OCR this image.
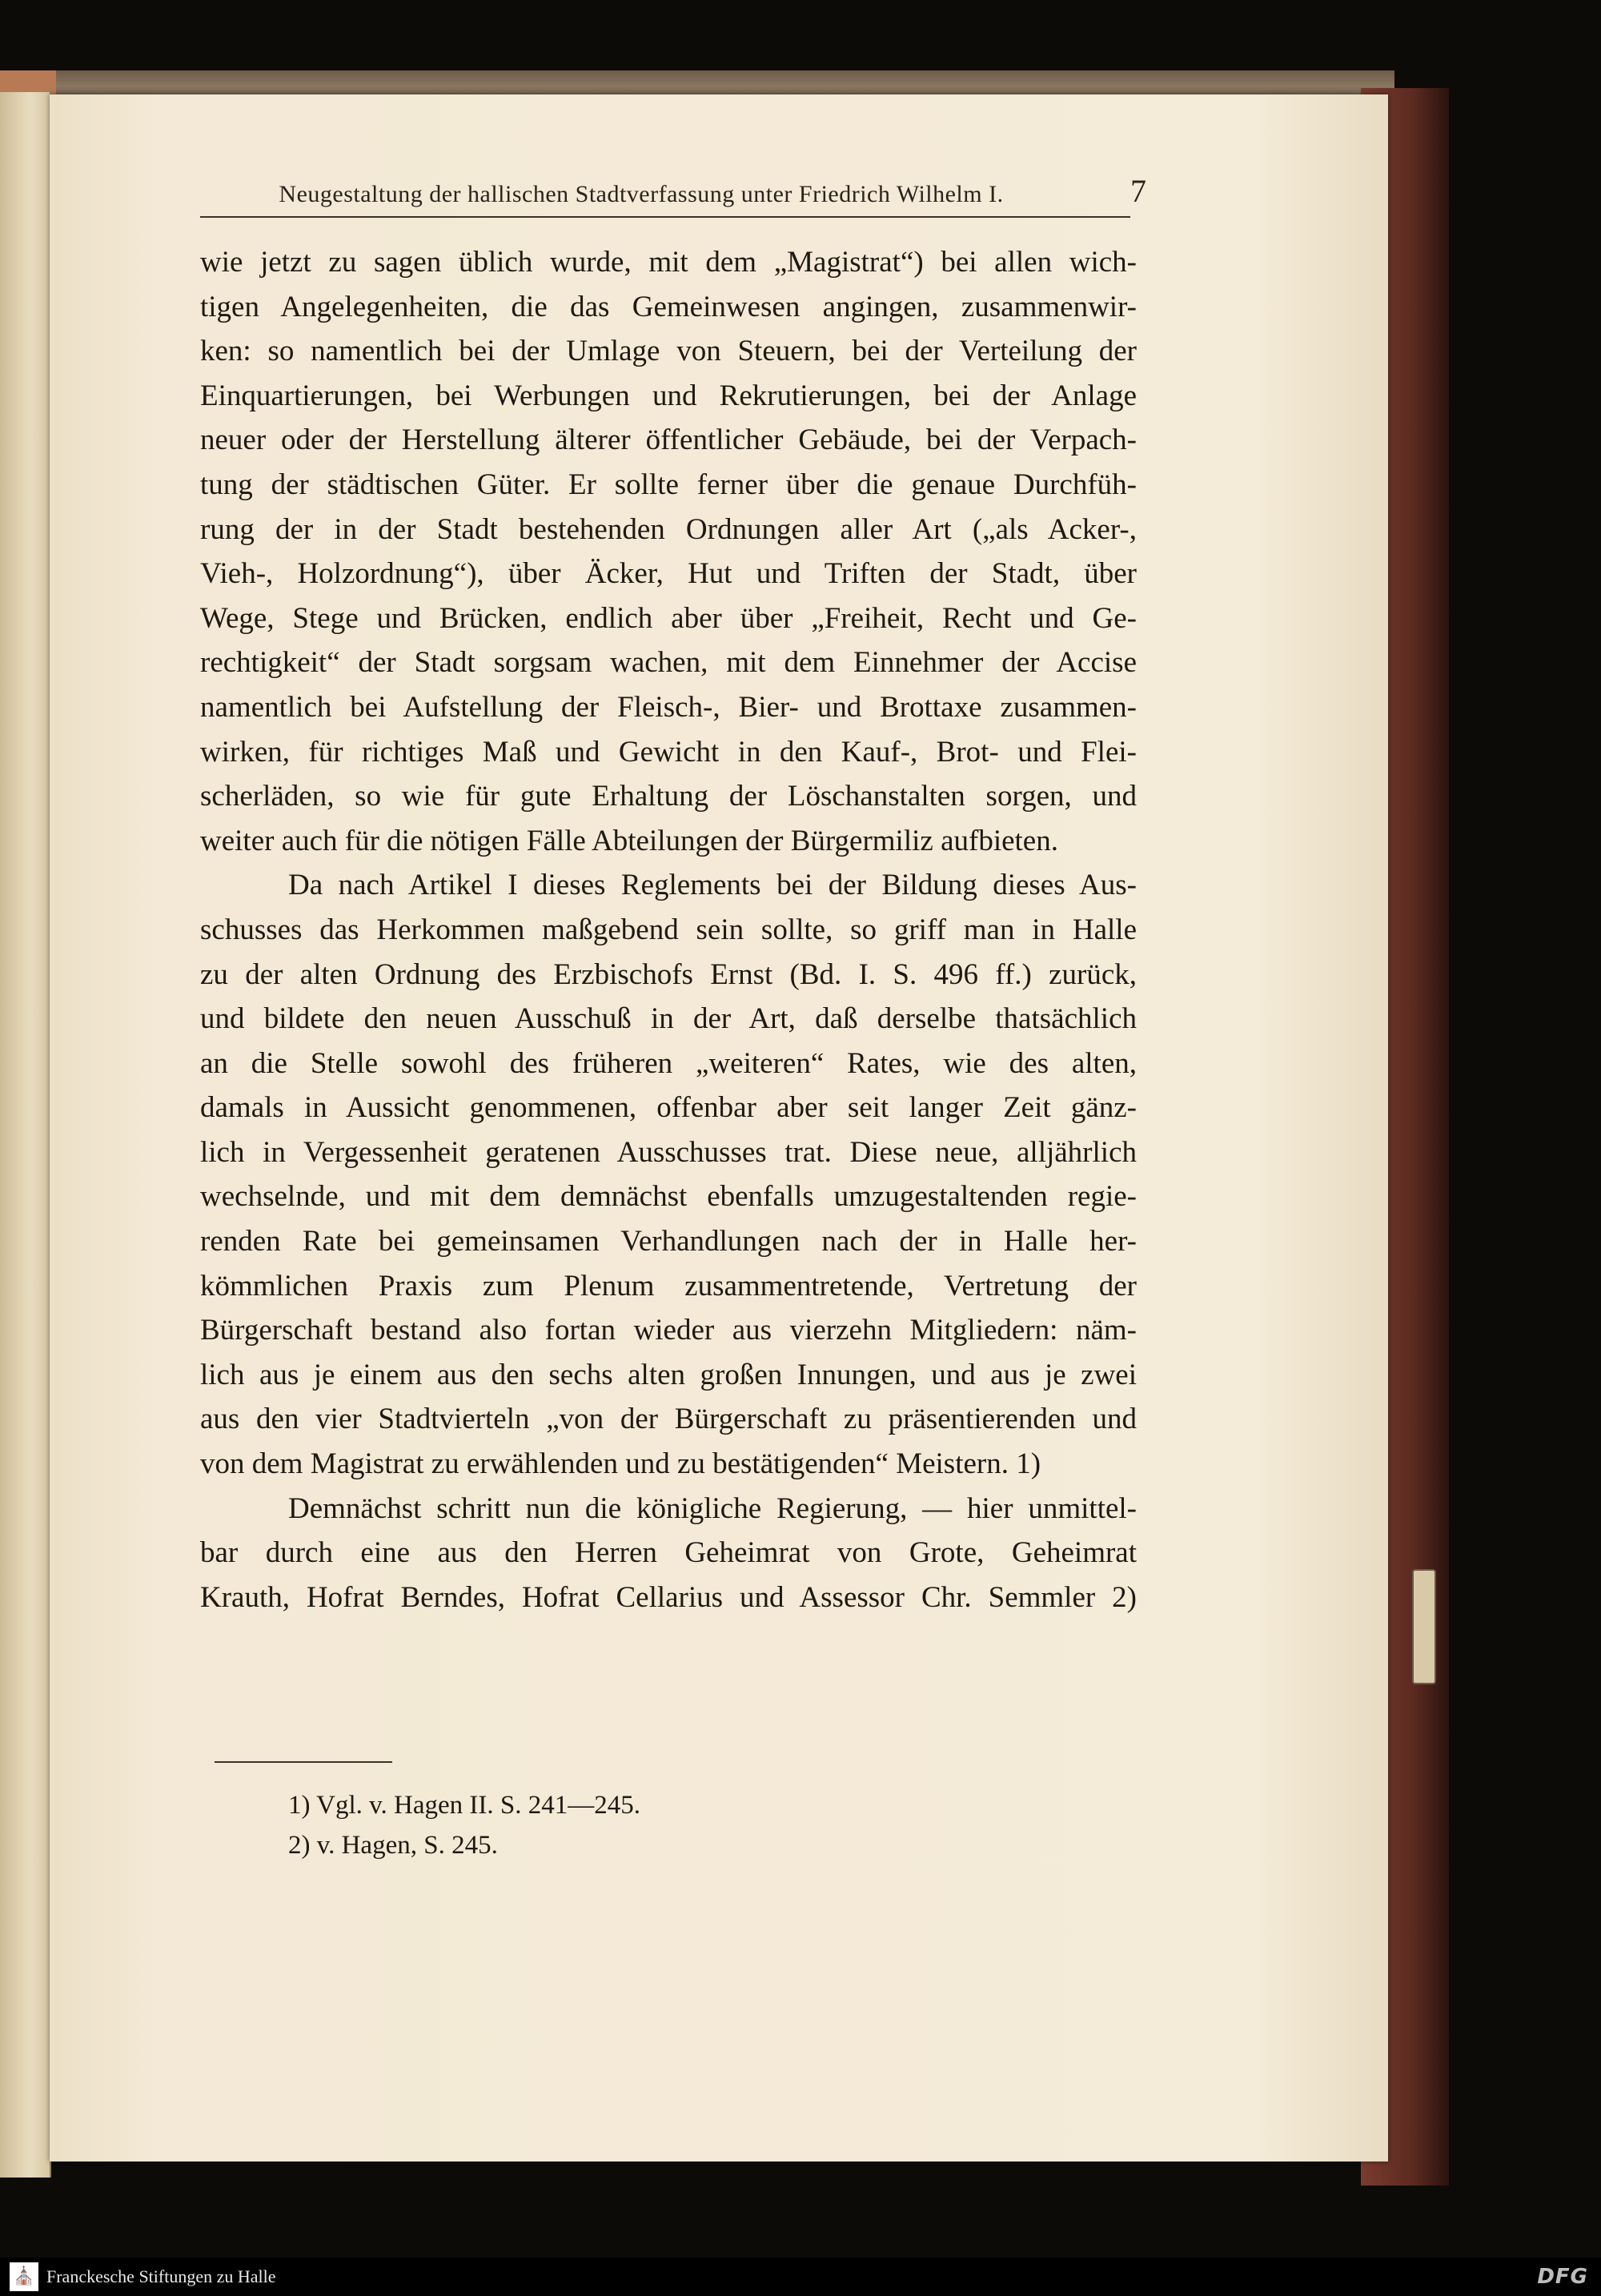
Neugestaltung der hallischen Stadtverfassung unter Friedrich Wilhelm I.	7
wie jetzt zu sagen üblich wurde, mit dem „Magistrat“) bei allen wich-
tigen Angelegenheiten, die das Gemeinwesen angingen, zusammenwir-
ken: so namentlich bei der Umlage von Steuern, bei der Verteilung der
Einquartierungen, bei Werbungen und Rekrutierungen, bei der Anlage
neuer oder der Herstellung älterer öffentlicher Gebäude, bei der Verpach-
tung der städtischen Güter. Er sollte ferner über die genaue Durchfüh-
rung der in der Stadt bestehenden Ordnungen aller Art („als Acker-,
Vieh-, Holzordnung“), über Äcker, Hut und Triften der Stadt, über
Wege, Stege und Brücken, endlich aber über „Freiheit, Recht und Ge-
rechtigkeit“ der Stadt sorgsam wachen, mit dem Einnehmer der Accise
namentlich bei Aufstellung der Fleisch-, Bier- und Brottaxe zusammen-
wirken, für richtiges Maß und Gewicht in den Kauf-, Brot- und Flei-
scherläden, so wie für gute Erhaltung der Löschanstalten sorgen, und
weiter auch für die nötigen Fälle Abteilungen der Bürgermiliz aufbieten.
Da nach Artikel I dieses Reglements bei der Bildung dieses Aus-
schusses das Herkommen maßgebend sein sollte, so griff man in Halle
zu der alten Ordnung des Erzbischofs Ernst (Bd. I. S. 496 ff.) zurück,
und bildete den neuen Ausschuß in der Art, daß derselbe thatsächlich
an die Stelle sowohl des früheren „weiteren“ Rates, wie des alten,
damals in Aussicht genommenen, offenbar aber seit langer Zeit gänz-
lich in Vergessenheit geratenen Ausschusses trat. Diese neue, alljährlich
wechselnde, und mit dem demnächst ebenfalls umzugestaltenden regie-
renden Rate bei gemeinsamen Verhandlungen nach der in Halle her-
kömmlichen Praxis zum Plenum zusammentretende, Vertretung der
Bürgerschaft bestand also fortan wieder aus vierzehn Mitgliedern: näm-
lich aus je einem aus den sechs alten großen Innungen, und aus je zwei
aus den vier Stadtvierteln „von der Bürgerschaft zu präsentierenden und
von dem Magistrat zu erwählenden und zu bestätigenden“ Meistern. 1)
Demnächst schritt nun die königliche Regierung, — hier unmittel-
bar durch eine aus den Herren Geheimrat von Grote, Geheimrat
Krauth, Hofrat Berndes, Hofrat Cellarius und Assessor Chr. Semmler 2)
1) Vgl. v. Hagen II. S. 241—245.
2) v. Hagen, S. 245.
⛪ Franckesche Stiftungen zu Halle	DFG
